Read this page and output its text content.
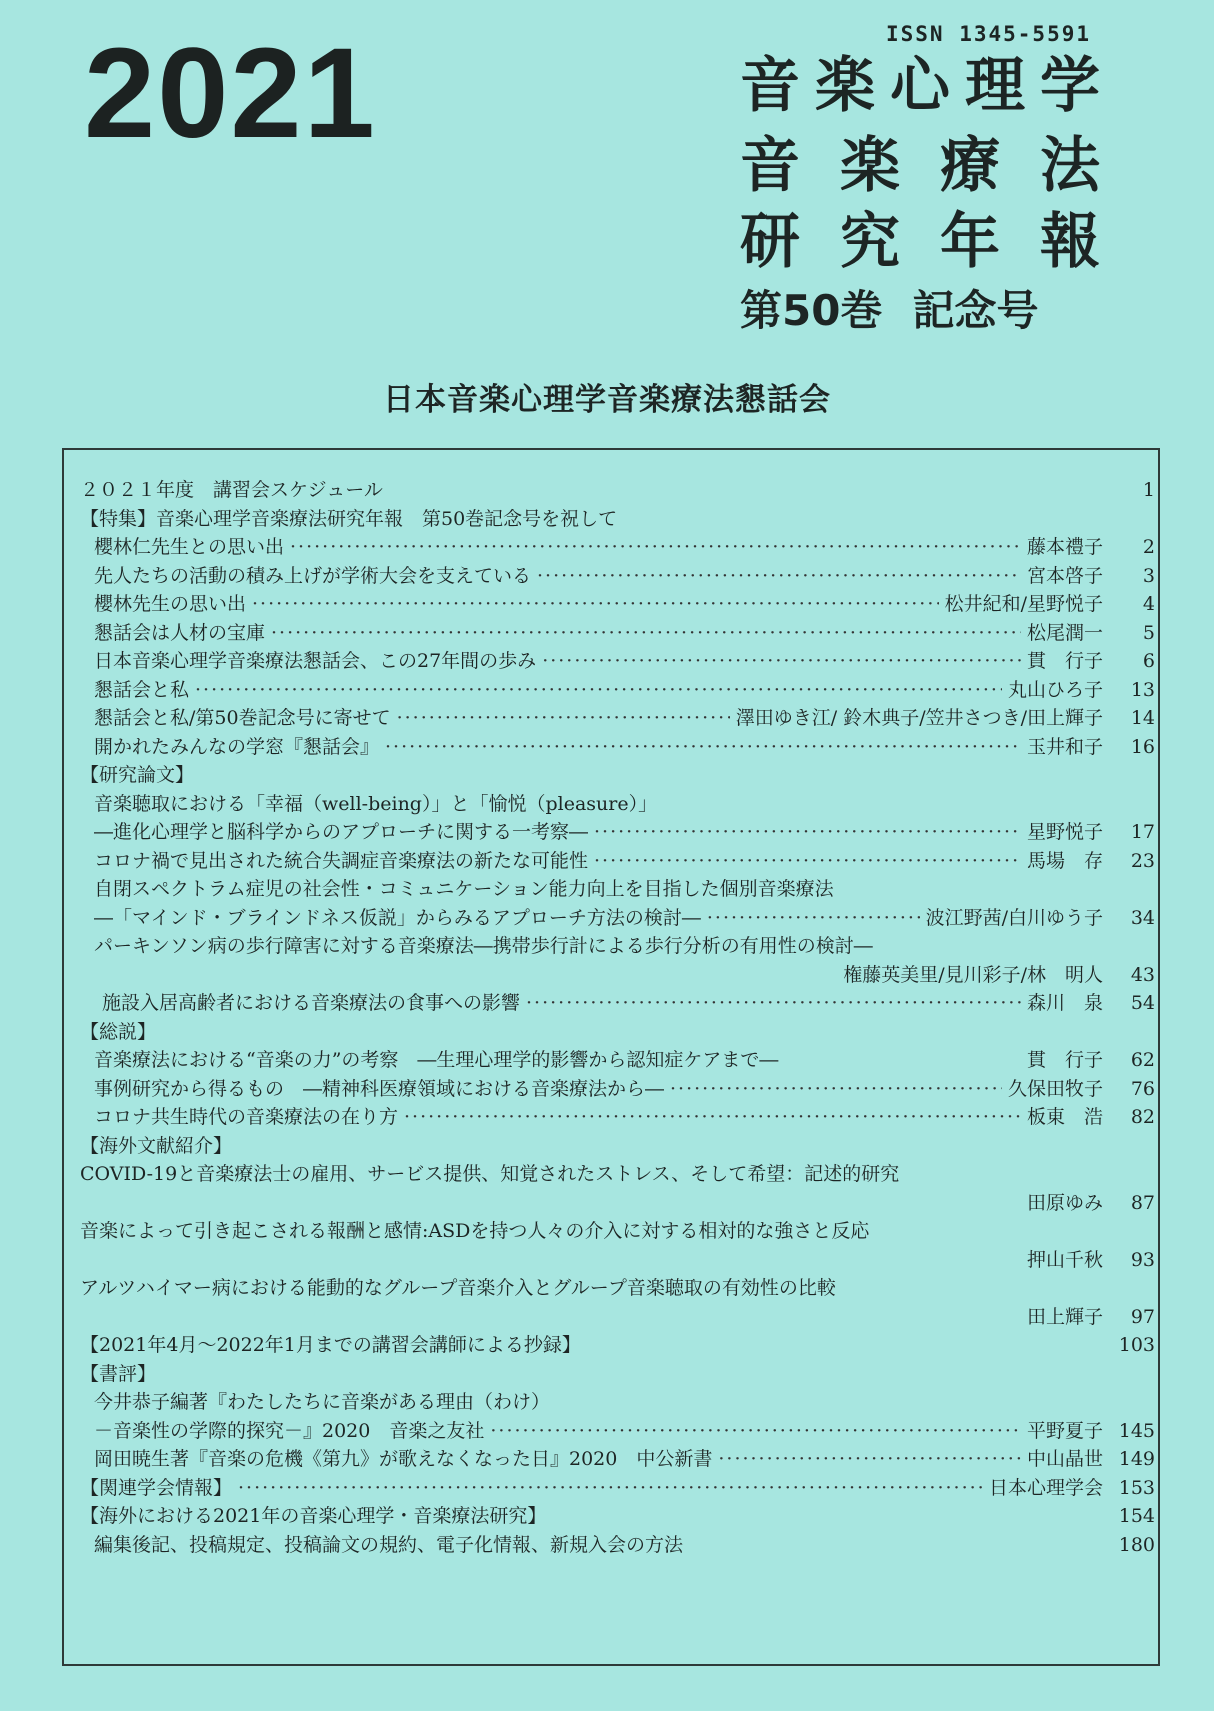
2021	ISSN 1345-5591
音楽心理学
音楽療法
研究年報
第50巻 記念号
日本音楽心理学音楽療法懇話会
２０２１年度　講習会スケジュール	1
【特集】音楽心理学音楽療法研究年報　第50巻記念号を祝して
櫻林仁先生との思い出 ·····	藤本禮子	2
先人たちの活動の積み上げが学術大会を支えている ·····	宮本啓子	3
櫻林先生の思い出 ·····	松井紀和/星野悦子	4
懇話会は人材の宝庫 ·····	松尾潤一	5
日本音楽心理学音楽療法懇話会、この27年間の歩み ·····	貫　行子	6
懇話会と私 ·····	丸山ひろ子	13
懇話会と私/第50巻記念号に寄せて ·····	澤田ゆき江/ 鈴木典子/笠井さつき/田上輝子	14
開かれたみんなの学窓『懇話会』 ·····	玉井和子	16
【研究論文】
音楽聴取における「幸福（well-being）」と「愉悦（pleasure）」
―進化心理学と脳科学からのアプローチに関する一考察― ·····	星野悦子	17
コロナ禍で見出された統合失調症音楽療法の新たな可能性 ·····	馬場　存	23
自閉スペクトラム症児の社会性・コミュニケーション能力向上を目指した個別音楽療法
―「マインド・ブラインドネス仮説」からみるアプローチ方法の検討― ·····	波江野茜/白川ゆう子	34
パーキンソン病の歩行障害に対する音楽療法―携帯歩行計による歩行分析の有用性の検討―
権藤英美里/見川彩子/林　明人	43
施設入居高齢者における音楽療法の食事への影響 ·····	森川　泉	54
【総説】
音楽療法における“音楽の力”の考察　―生理心理学的影響から認知症ケアまで―	貫　行子	62
事例研究から得るもの　―精神科医療領域における音楽療法から― ·····	久保田牧子	76
コロナ共生時代の音楽療法の在り方 ·····	板東　浩	82
【海外文献紹介】
COVID-19と音楽療法士の雇用、サービス提供、知覚されたストレス、そして希望：記述的研究
田原ゆみ	87
音楽によって引き起こされる報酬と感情:ASDを持つ人々の介入に対する相対的な強さと反応
押山千秋	93
アルツハイマー病における能動的なグループ音楽介入とグループ音楽聴取の有効性の比較
田上輝子	97
【2021年4月～2022年1月までの講習会講師による抄録】	103
【書評】
今井恭子編著『わたしたちに音楽がある理由（わけ）
－音楽性の学際的探究－』2020　音楽之友社 ·····	平野夏子 145
岡田暁生著『音楽の危機《第九》が歌えなくなった日』2020　中公新書 ·····	中山晶世 149
【関連学会情報】 ·····	日本心理学会 153
【海外における2021年の音楽心理学・音楽療法研究】	154
編集後記、投稿規定、投稿論文の規約、電子化情報、新規入会の方法	180
